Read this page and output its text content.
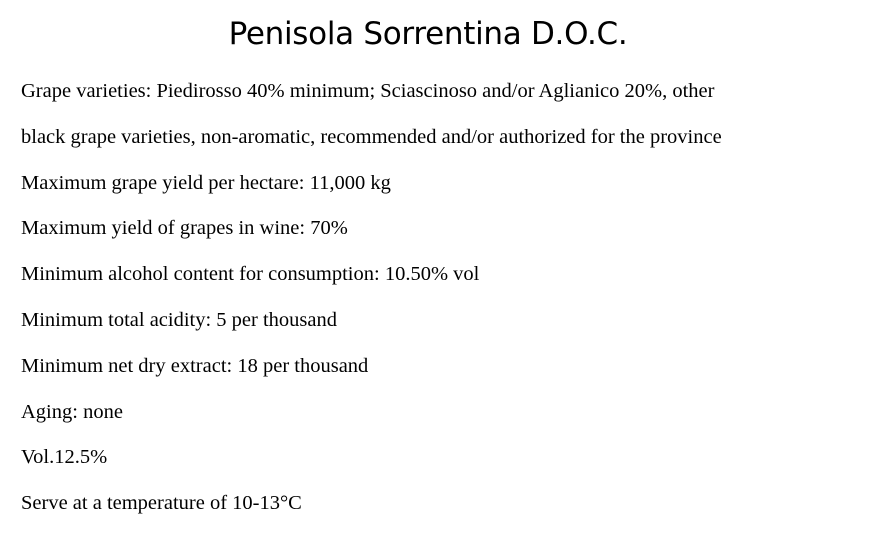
Penisola Sorrentina D.O.C.
Grape varieties: Piedirosso 40% minimum; Sciascinoso and/or Aglianico 20%, other
black grape varieties, non-aromatic, recommended and/or authorized for the province
Maximum grape yield per hectare: 11,000 kg
Maximum yield of grapes in wine: 70%
Minimum alcohol content for consumption: 10.50% vol
Minimum total acidity: 5 per thousand
Minimum net dry extract: 18 per thousand
Aging: none
Vol.12.5%
Serve at a temperature of 10-13°C
